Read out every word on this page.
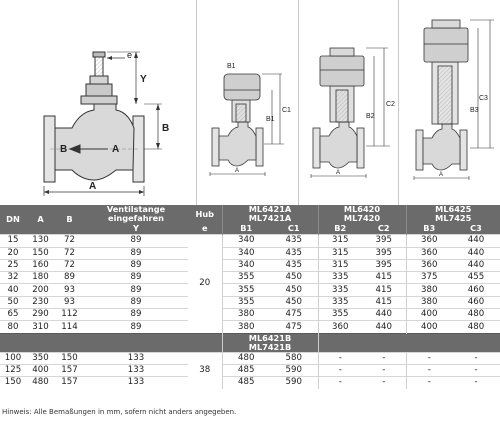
e
Y
B
A
B	A
B1
C1
B1
A
C2
B2
A
C3
B3
A
DN	A	B	Ventilstange
eingefahren	Hub	ML6421A
ML7421A		ML6420
ML7420		ML6425
ML7425	
			Y	e	B1	C1	B2	C2	B3	C3
15	130	72	89	20	340	435	315	395	360	440
20	150	72	89		340	435	315	395	360	440
25	160	72	89		340	435	315	395	360	440
32	180	89	89		355	450	335	415	375	455
40	200	93	89		355	450	335	415	380	460
50	230	93	89		355	450	335	415	380	460
65	290	112	89		380	475	355	440	400	480
80	310	114	89		380	475	360	440	400	480
					ML6421B
ML7421B					
100	350	150	133	38	480	580	-	-	-	-
125	400	157	133		485	590	-	-	-	-
150	480	157	133		485	590	-	-	-	-
Hinweis: Alle Bemaßungen in mm, sofern nicht anders angegeben.
